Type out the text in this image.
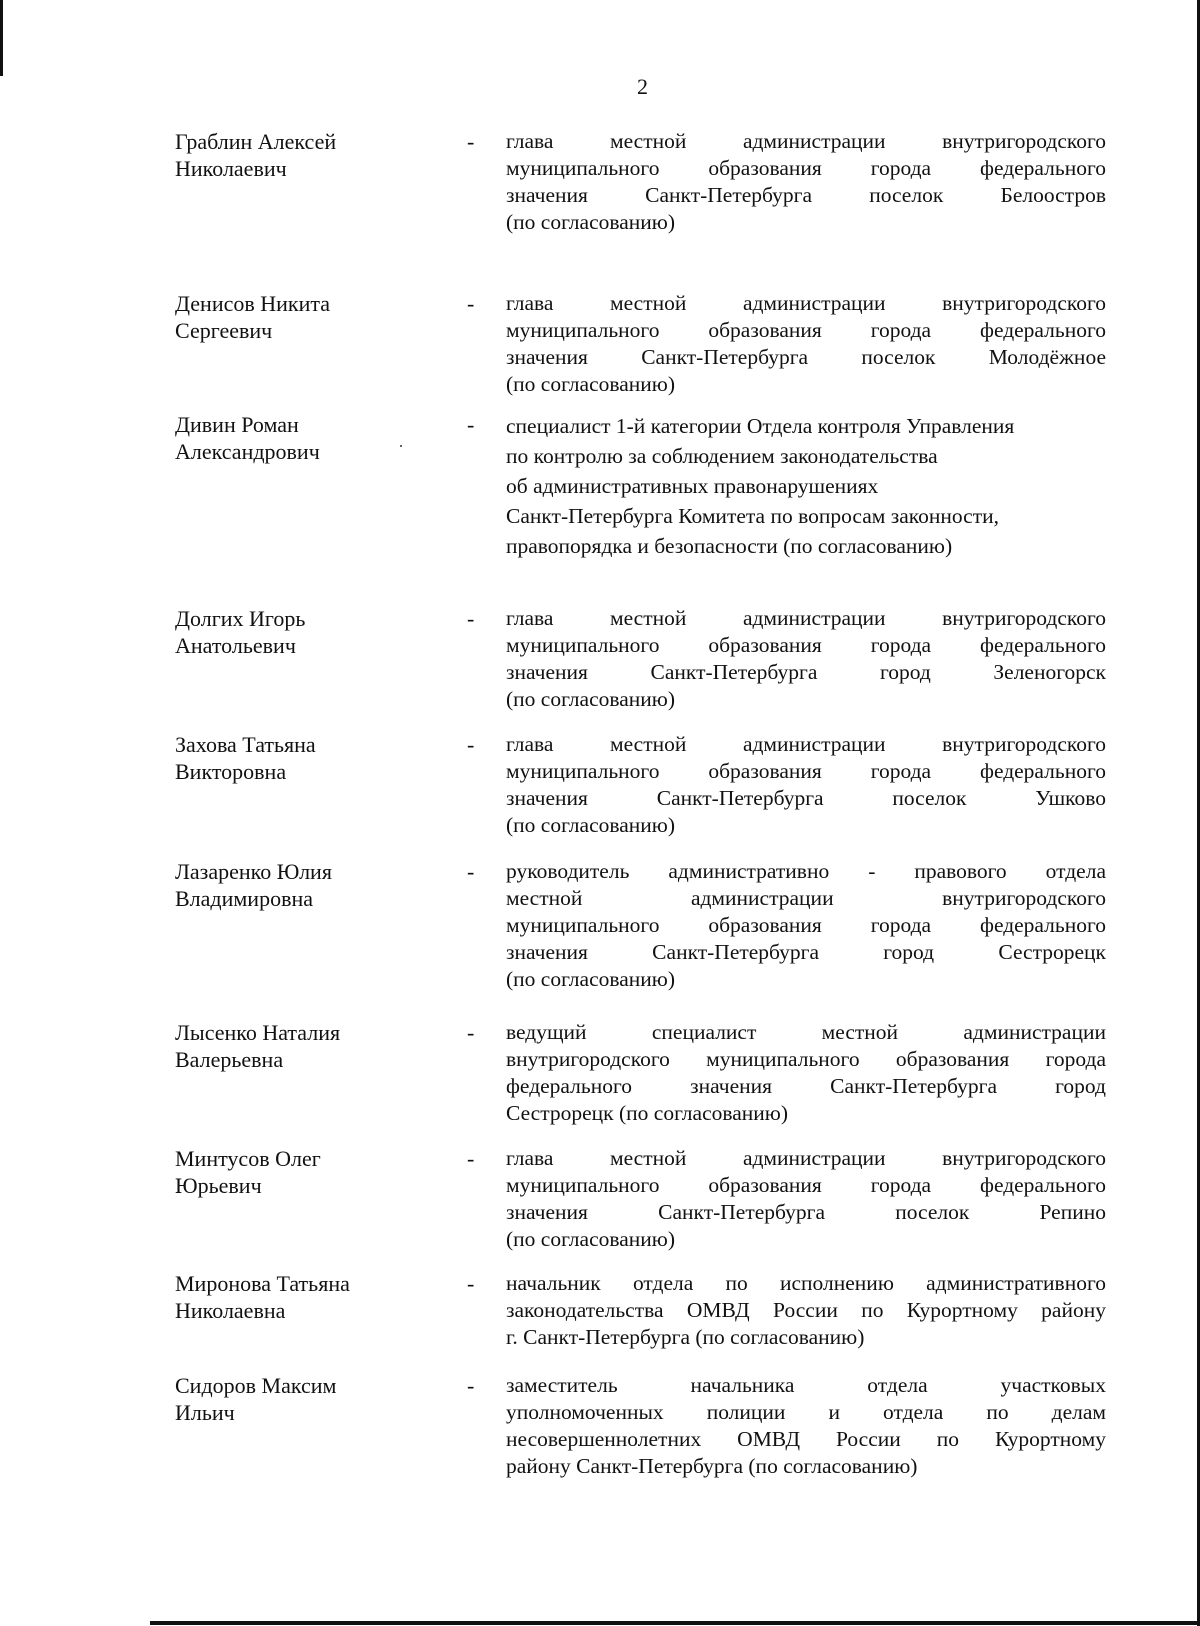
2
Граблин Алексей
Николаевич
- глава местной администрации внутригородского
муниципального образования города федерального
значения Санкт-Петербурга поселок Белоостров
(по согласованию)
Денисов Никита
Сергеевич
- глава местной администрации внутригородского
муниципального образования города федерального
значения Санкт-Петербурга поселок Молодёжное
(по согласованию)
Дивин Роман
Александрович
- специалист 1-й категории Отдела контроля Управления
по контролю за соблюдением законодательства
об административных правонарушениях
Санкт-Петербурга Комитета по вопросам законности,
правопорядка и безопасности (по согласованию)
Долгих Игорь
Анатольевич
- глава местной администрации внутригородского
муниципального образования города федерального
значения Санкт-Петербурга город Зеленогорск
(по согласованию)
Захова Татьяна
Викторовна
- глава местной администрации внутригородского
муниципального образования города федерального
значения Санкт-Петербурга поселок Ушково
(по согласованию)
Лазаренко Юлия
Владимировна
- руководитель административно - правового отдела
местной администрации внутригородского
муниципального образования города федерального
значения Санкт-Петербурга город Сестрорецк
(по согласованию)
Лысенко Наталия
Валерьевна
- ведущий специалист местной администрации
внутригородского муниципального образования города
федерального значения Санкт-Петербурга город
Сестрорецк (по согласованию)
Минтусов Олег
Юрьевич
- глава местной администрации внутригородского
муниципального образования города федерального
значения Санкт-Петербурга поселок Репино
(по согласованию)
Миронова Татьяна
Николаевна
- начальник отдела по исполнению административного
законодательства ОМВД России по Курортному району
г. Санкт-Петербурга (по согласованию)
Сидоров Максим
Ильич
- заместитель начальника отдела участковых
уполномоченных полиции и отдела по делам
несовершеннолетних ОМВД России по Курортному
району Санкт-Петербурга (по согласованию)
